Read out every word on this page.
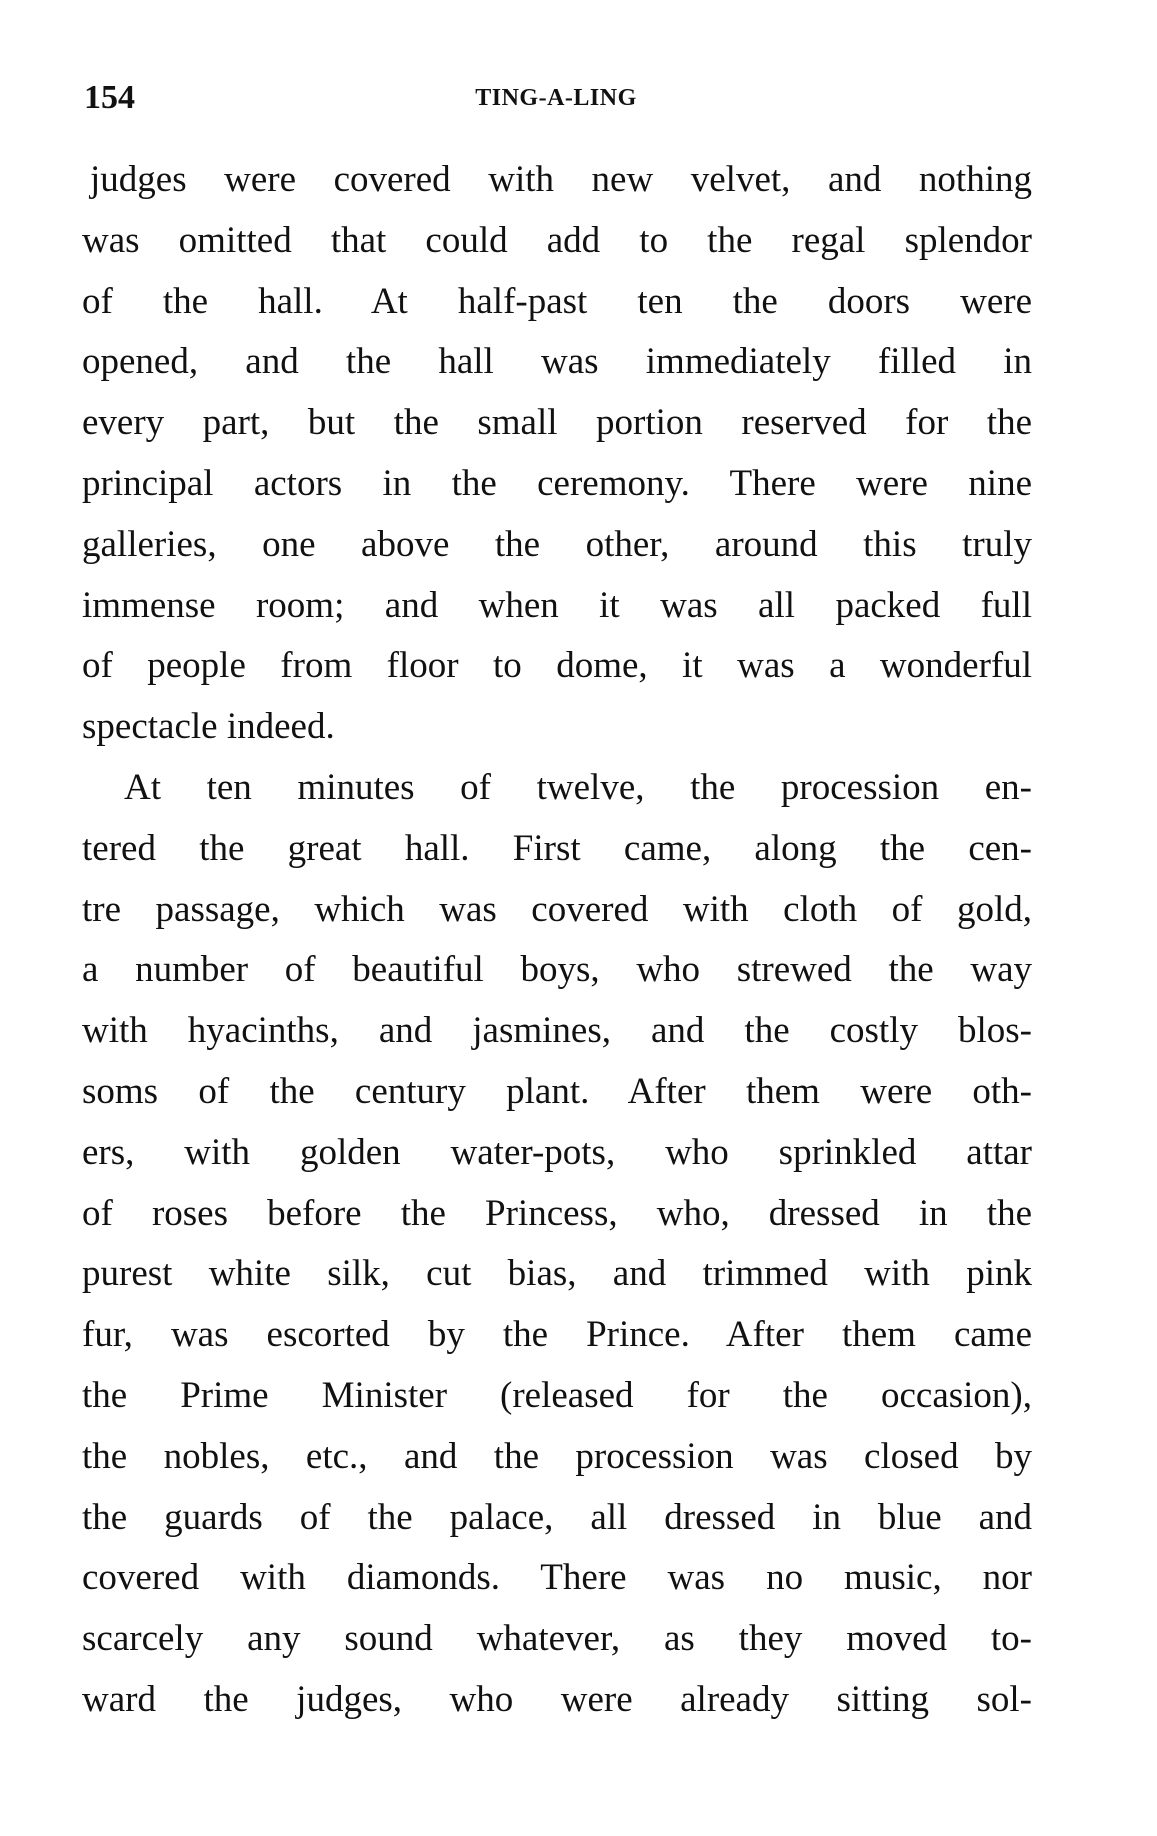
154	TING-A-LING
judges were covered with new velvet, and nothing
was omitted that could add to the regal splendor
of the hall. At half-past ten the doors were
opened, and the hall was immediately filled in
every part, but the small portion reserved for the
principal actors in the ceremony. There were nine
galleries, one above the other, around this truly
immense room; and when it was all packed full
of people from floor to dome, it was a wonderful
spectacle indeed.
At ten minutes of twelve, the procession en-
tered the great hall. First came, along the cen-
tre passage, which was covered with cloth of gold,
a number of beautiful boys, who strewed the way
with hyacinths, and jasmines, and the costly blos-
soms of the century plant. After them were oth-
ers, with golden water-pots, who sprinkled attar
of roses before the Princess, who, dressed in the
purest white silk, cut bias, and trimmed with pink
fur, was escorted by the Prince. After them came
the Prime Minister (released for the occasion),
the nobles, etc., and the procession was closed by
the guards of the palace, all dressed in blue and
covered with diamonds. There was no music, nor
scarcely any sound whatever, as they moved to-
ward the judges, who were already sitting sol-
